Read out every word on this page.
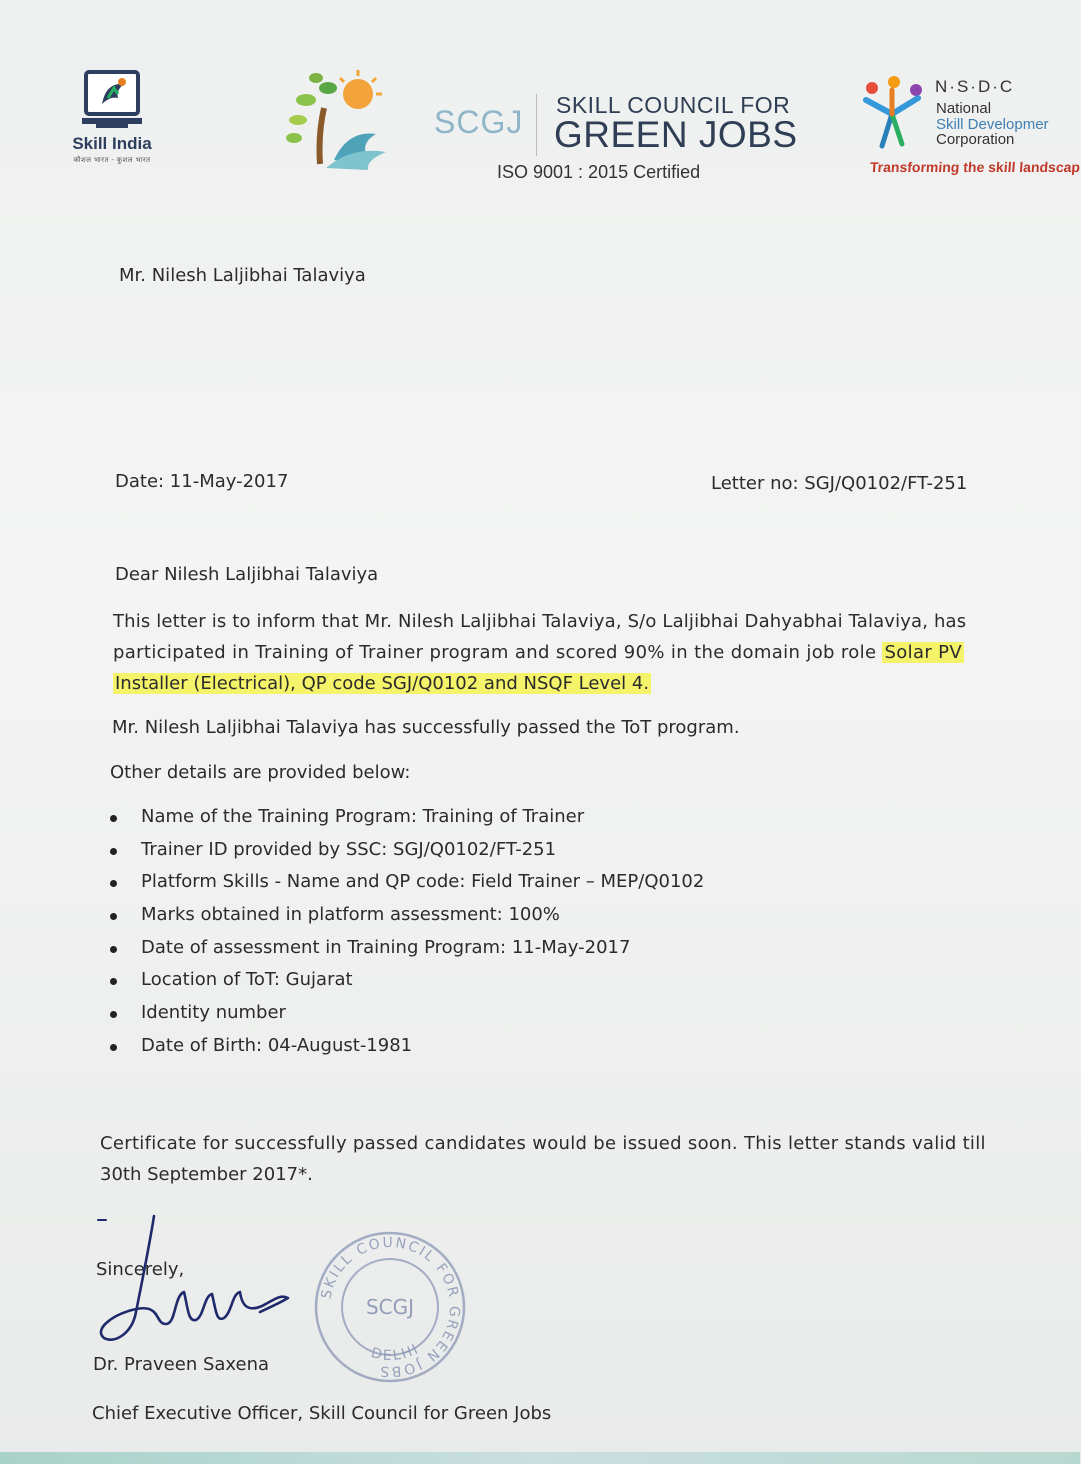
Skill India
कौशल भारत - कुशल भारत
SCGJ SKILL COUNCIL FOR
GREEN JOBS
ISO 9001 : 2015 Certified
N·S·D·C
National
Skill Developmer
Corporation
Transforming the skill landscap
Mr. Nilesh Laljibhai Talaviya
Date: 11-May-2017	Letter no: SGJ/Q0102/FT-251
Dear Nilesh Laljibhai Talaviya
This letter is to inform that Mr. Nilesh Laljibhai Talaviya, S/o Laljibhai Dahyabhai Talaviya, has
participated in Training of Trainer program and scored 90% in the domain job role Solar PV
Installer (Electrical), QP code SGJ/Q0102 and NSQF Level 4.
Mr. Nilesh Laljibhai Talaviya has successfully passed the ToT program.
Other details are provided below:
Name of the Training Program: Training of Trainer
Trainer ID provided by SSC: SGJ/Q0102/FT-251
Platform Skills - Name and QP code: Field Trainer – MEP/Q0102
Marks obtained in platform assessment: 100%
Date of assessment in Training Program: 11-May-2017
Location of ToT: Gujarat
Identity number
Date of Birth: 04-August-1981
Certificate for successfully passed candidates would be issued soon. This letter stands valid till
30th September 2017*.
Sincerely,
SKILL COUNCIL FOR GREEN JOBS
SCGJ
DELHI
Dr. Praveen Saxena
Chief Executive Officer, Skill Council for Green Jobs
